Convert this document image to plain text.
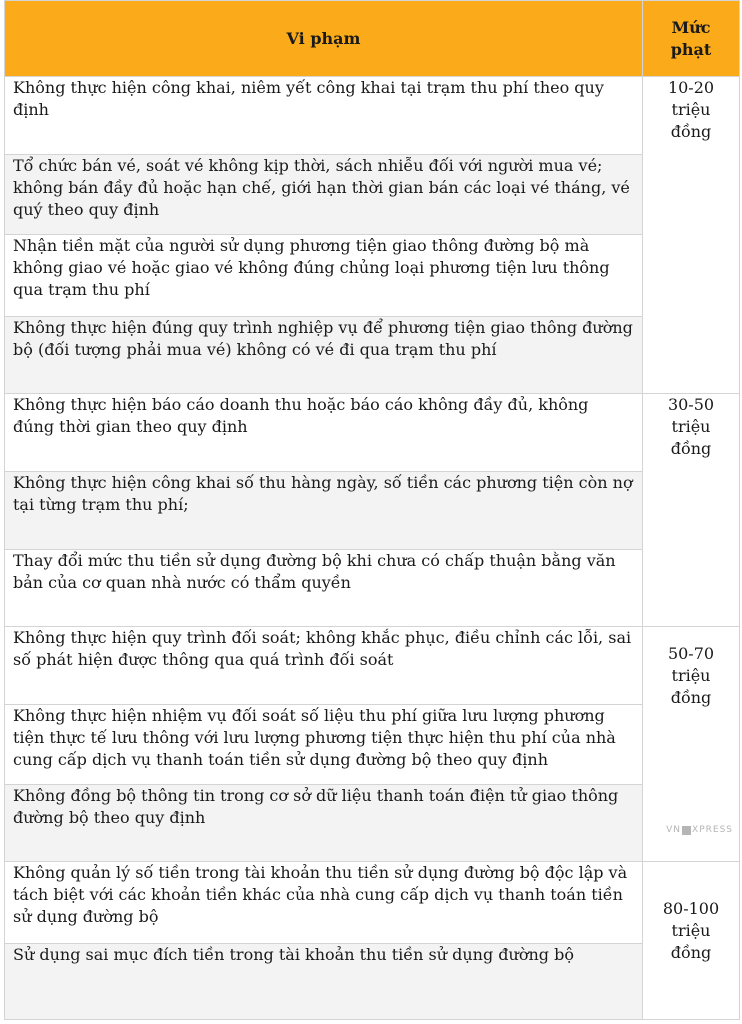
Vi phạm	Mức phạt
Không thực hiện công khai, niêm yết công khai tại trạm thu phí theo quy định	10-20 triệu đồng

Tổ chức bán vé, soát vé không kịp thời, sách nhiễu đối với người mua vé; không bán đầy đủ hoặc hạn chế, giới hạn thời gian bán các loại vé tháng, vé quý theo quy định	
Nhận tiền mặt của người sử dụng phương tiện giao thông đường bộ mà không giao vé hoặc giao vé không đúng chủng loại phương tiện lưu thông qua trạm thu phí	
Không thực hiện đúng quy trình nghiệp vụ để phương tiện giao thông đường bộ (đối tượng phải mua vé) không có vé đi qua trạm thu phí	
Không thực hiện báo cáo doanh thu hoặc báo cáo không đầy đủ, không đúng thời gian theo quy định	30-50 triệu đồng

Không thực hiện công khai số thu hàng ngày, số tiền các phương tiện còn nợ tại từng trạm thu phí;	
Thay đổi mức thu tiền sử dụng đường bộ khi chưa có chấp thuận bằng văn bản của cơ quan nhà nước có thẩm quyền	
Không thực hiện quy trình đối soát; không khắc phục, điều chỉnh các lỗi, sai số phát hiện được thông qua quá trình đối soát	50-70 triệu đồng
VN XPRESS

Không thực hiện nhiệm vụ đối soát số liệu thu phí giữa lưu lượng phương tiện thực tế lưu thông với lưu lượng phương tiện thực hiện thu phí của nhà cung cấp dịch vụ thanh toán tiền sử dụng đường bộ theo quy định	
Không đồng bộ thông tin trong cơ sở dữ liệu thanh toán điện tử giao thông đường bộ theo quy định	
Không quản lý số tiền trong tài khoản thu tiền sử dụng đường bộ độc lập và tách biệt với các khoản tiền khác của nhà cung cấp dịch vụ thanh toán tiền sử dụng đường bộ	80-100 triệu đồng

Sử dụng sai mục đích tiền trong tài khoản thu tiền sử dụng đường bộ	
